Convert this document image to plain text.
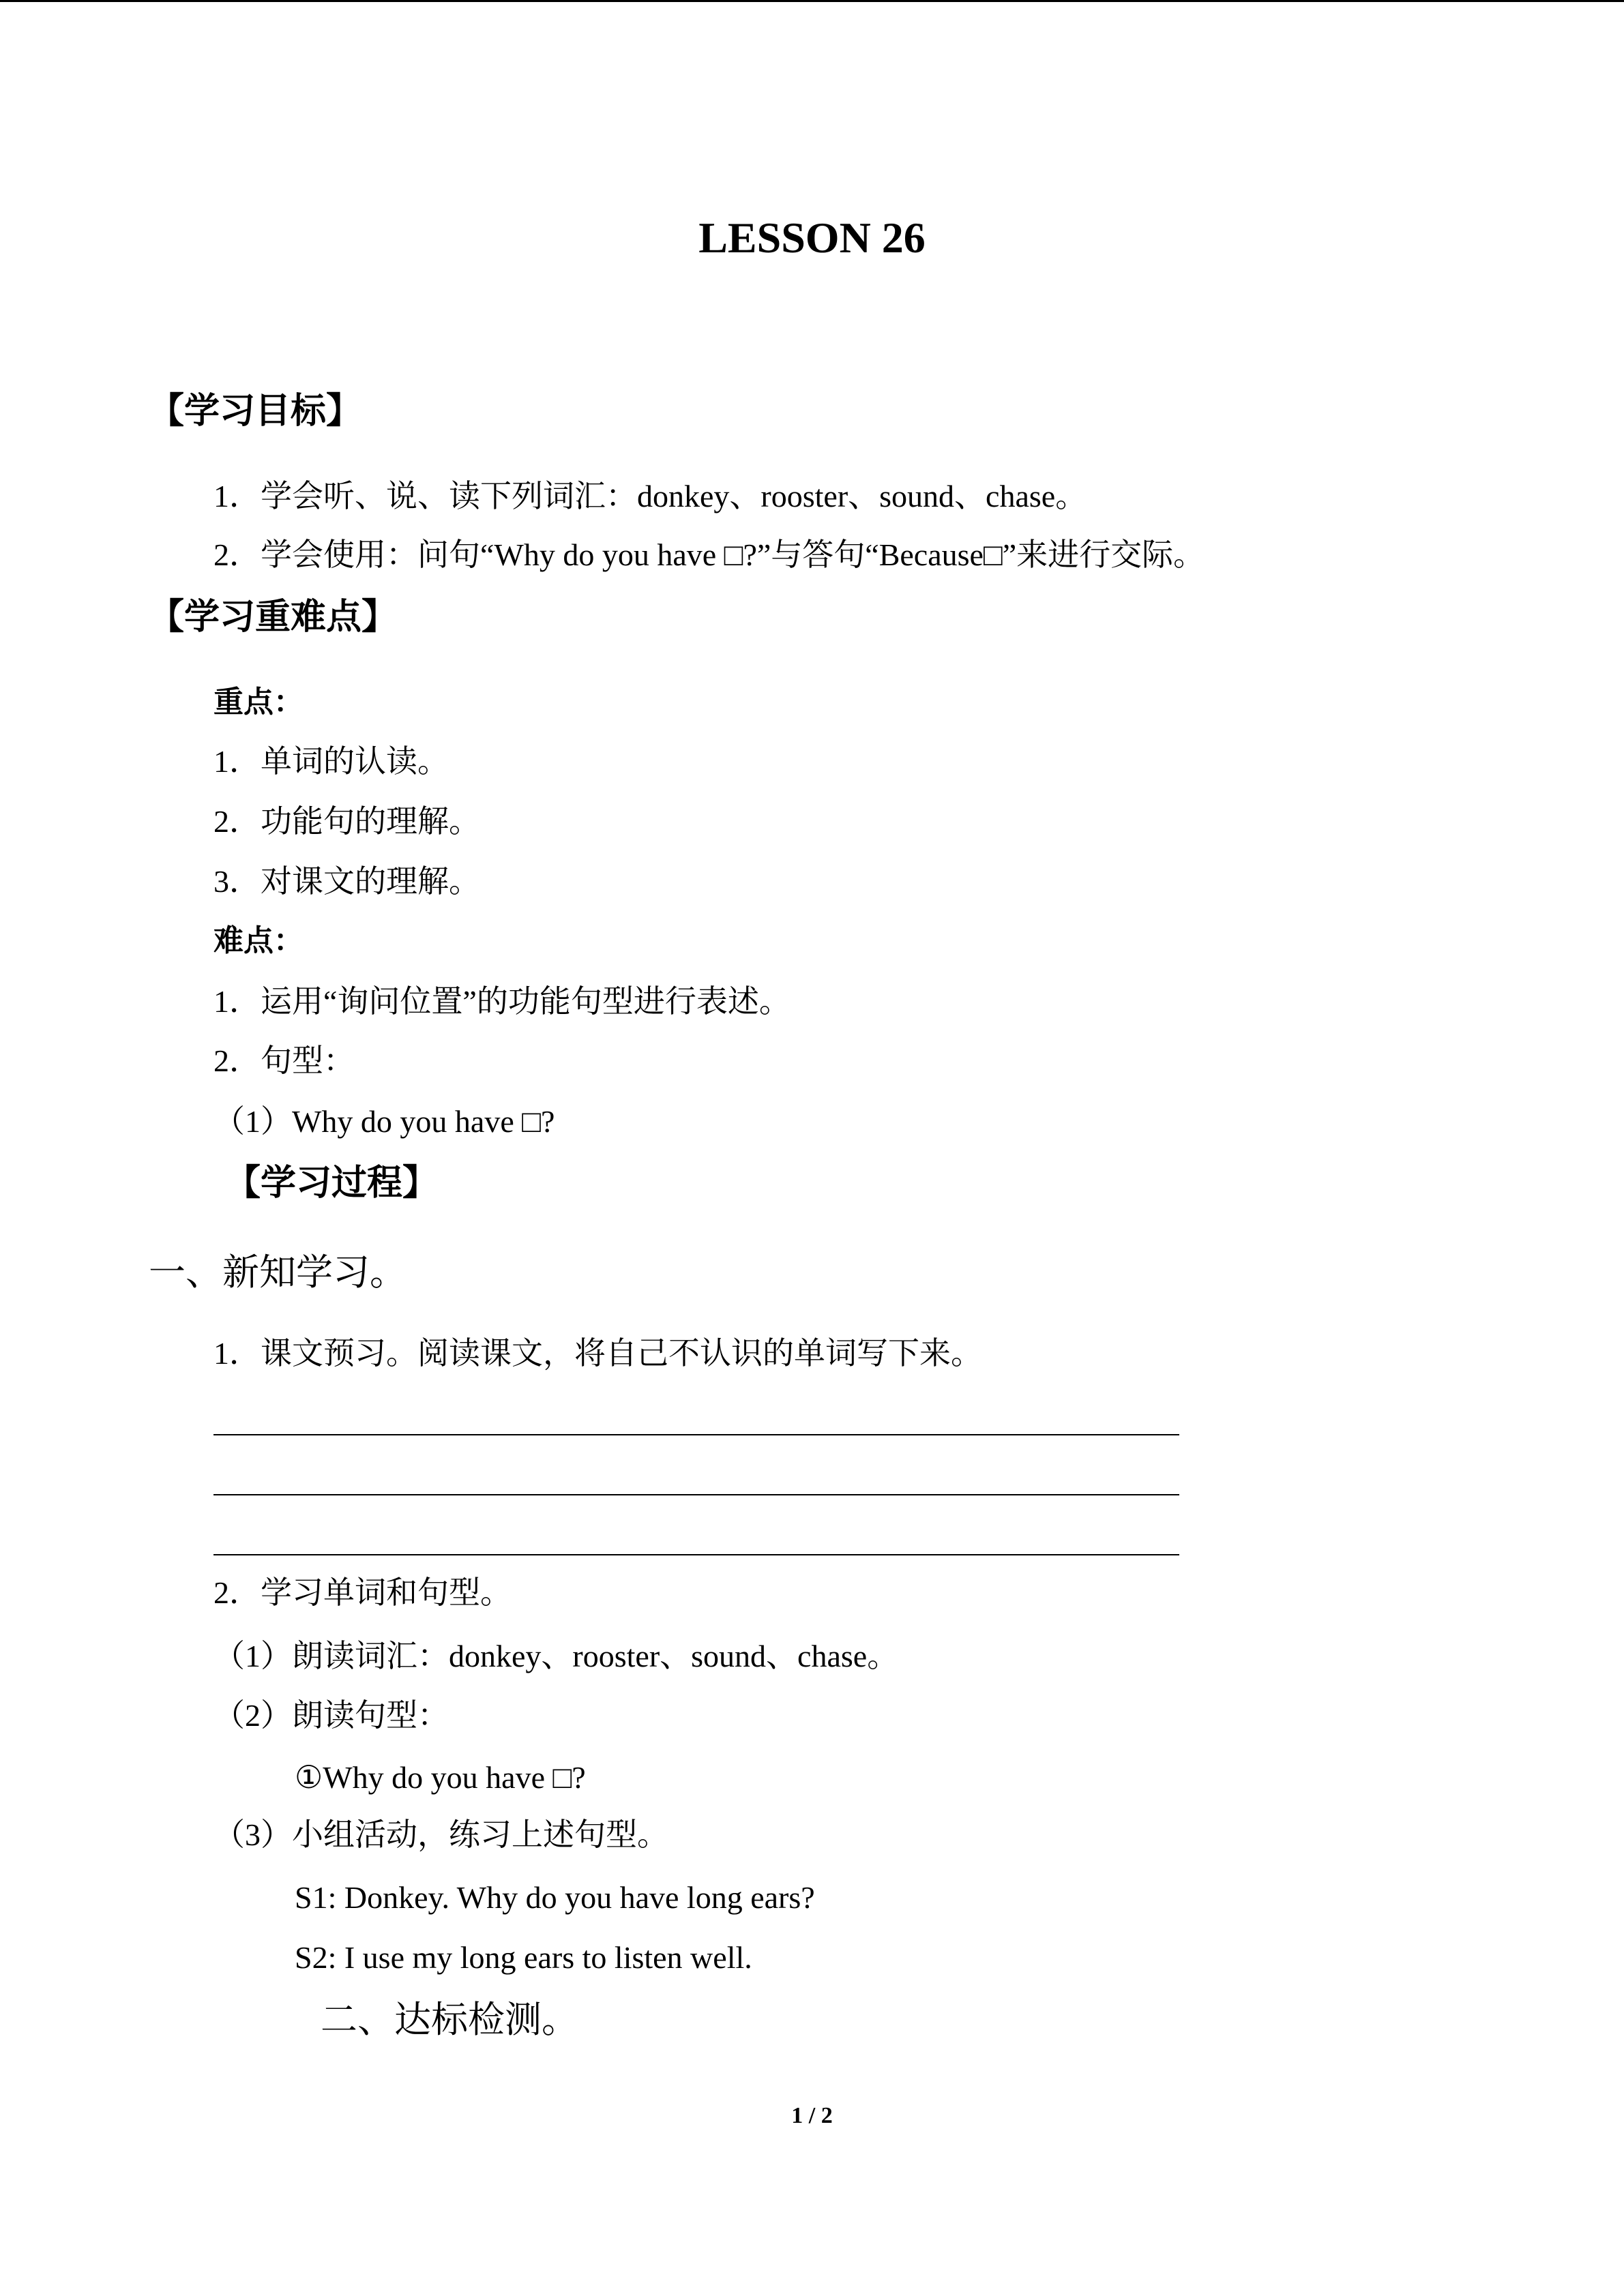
LESSON 26
【学习目标】
1．学会听、说、读下列词汇：donkey、rooster、sound、chase。
2．学会使用：问句“Why do you have □?”与答句“Because□”来进行交际。
【学习重难点】
重点：
1．单词的认读。
2．功能句的理解。
3．对课文的理解。
难点：
1．运用“询问位置”的功能句型进行表述。
2．句型：
（1）Why do you have □?
【学习过程】
一、新知学习。
1．课文预习。阅读课文，将自己不认识的单词写下来。
2．学习单词和句型。
（1）朗读词汇：donkey、rooster、sound、chase。
（2）朗读句型：
①Why do you have □?
（3）小组活动，练习上述句型。
S1: Donkey. Why do you have long ears?
S2: I use my long ears to listen well.
二、达标检测。
1 / 2
